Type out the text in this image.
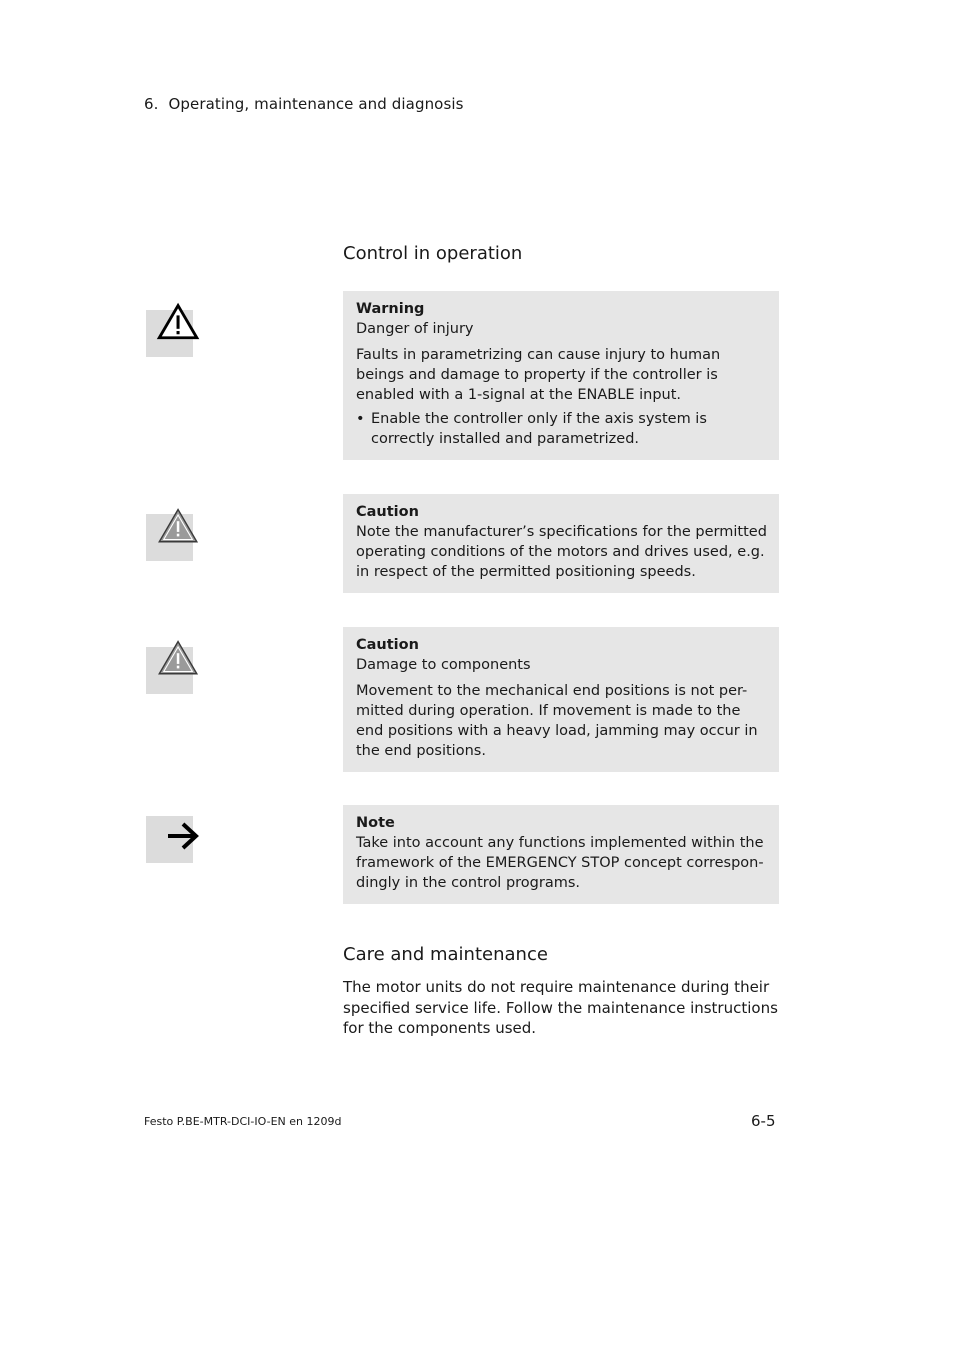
6. Operating, maintenance and diagnosis
Control in operation
Warning

Danger of injury

Faults in parametrizing can cause injury to human beings and damage to property if the controller is enabled with a 1-signal at the ENABLE input.

• Enable the controller only if the axis system is correctly installed and parametrized.
Caution

Note the manufacturer’s specifications for the permitted operating conditions of the motors and drives used, e.g. in respect of the permitted positioning speeds.

Caution

Damage to components

Movement to the mechanical end positions is not per-mitted during operation. If movement is made to the end positions with a heavy load, jamming may occur in the end positions.

Note

Take into account any functions implemented within the framework of the EMERGENCY STOP concept correspon-dingly in the control programs.

Care and maintenance

The motor units do not require maintenance during their specified service life. Follow the maintenance instructions for the components used.

Festo P.BE-MTR-DCI-IO-EN en 1209d	6-5
